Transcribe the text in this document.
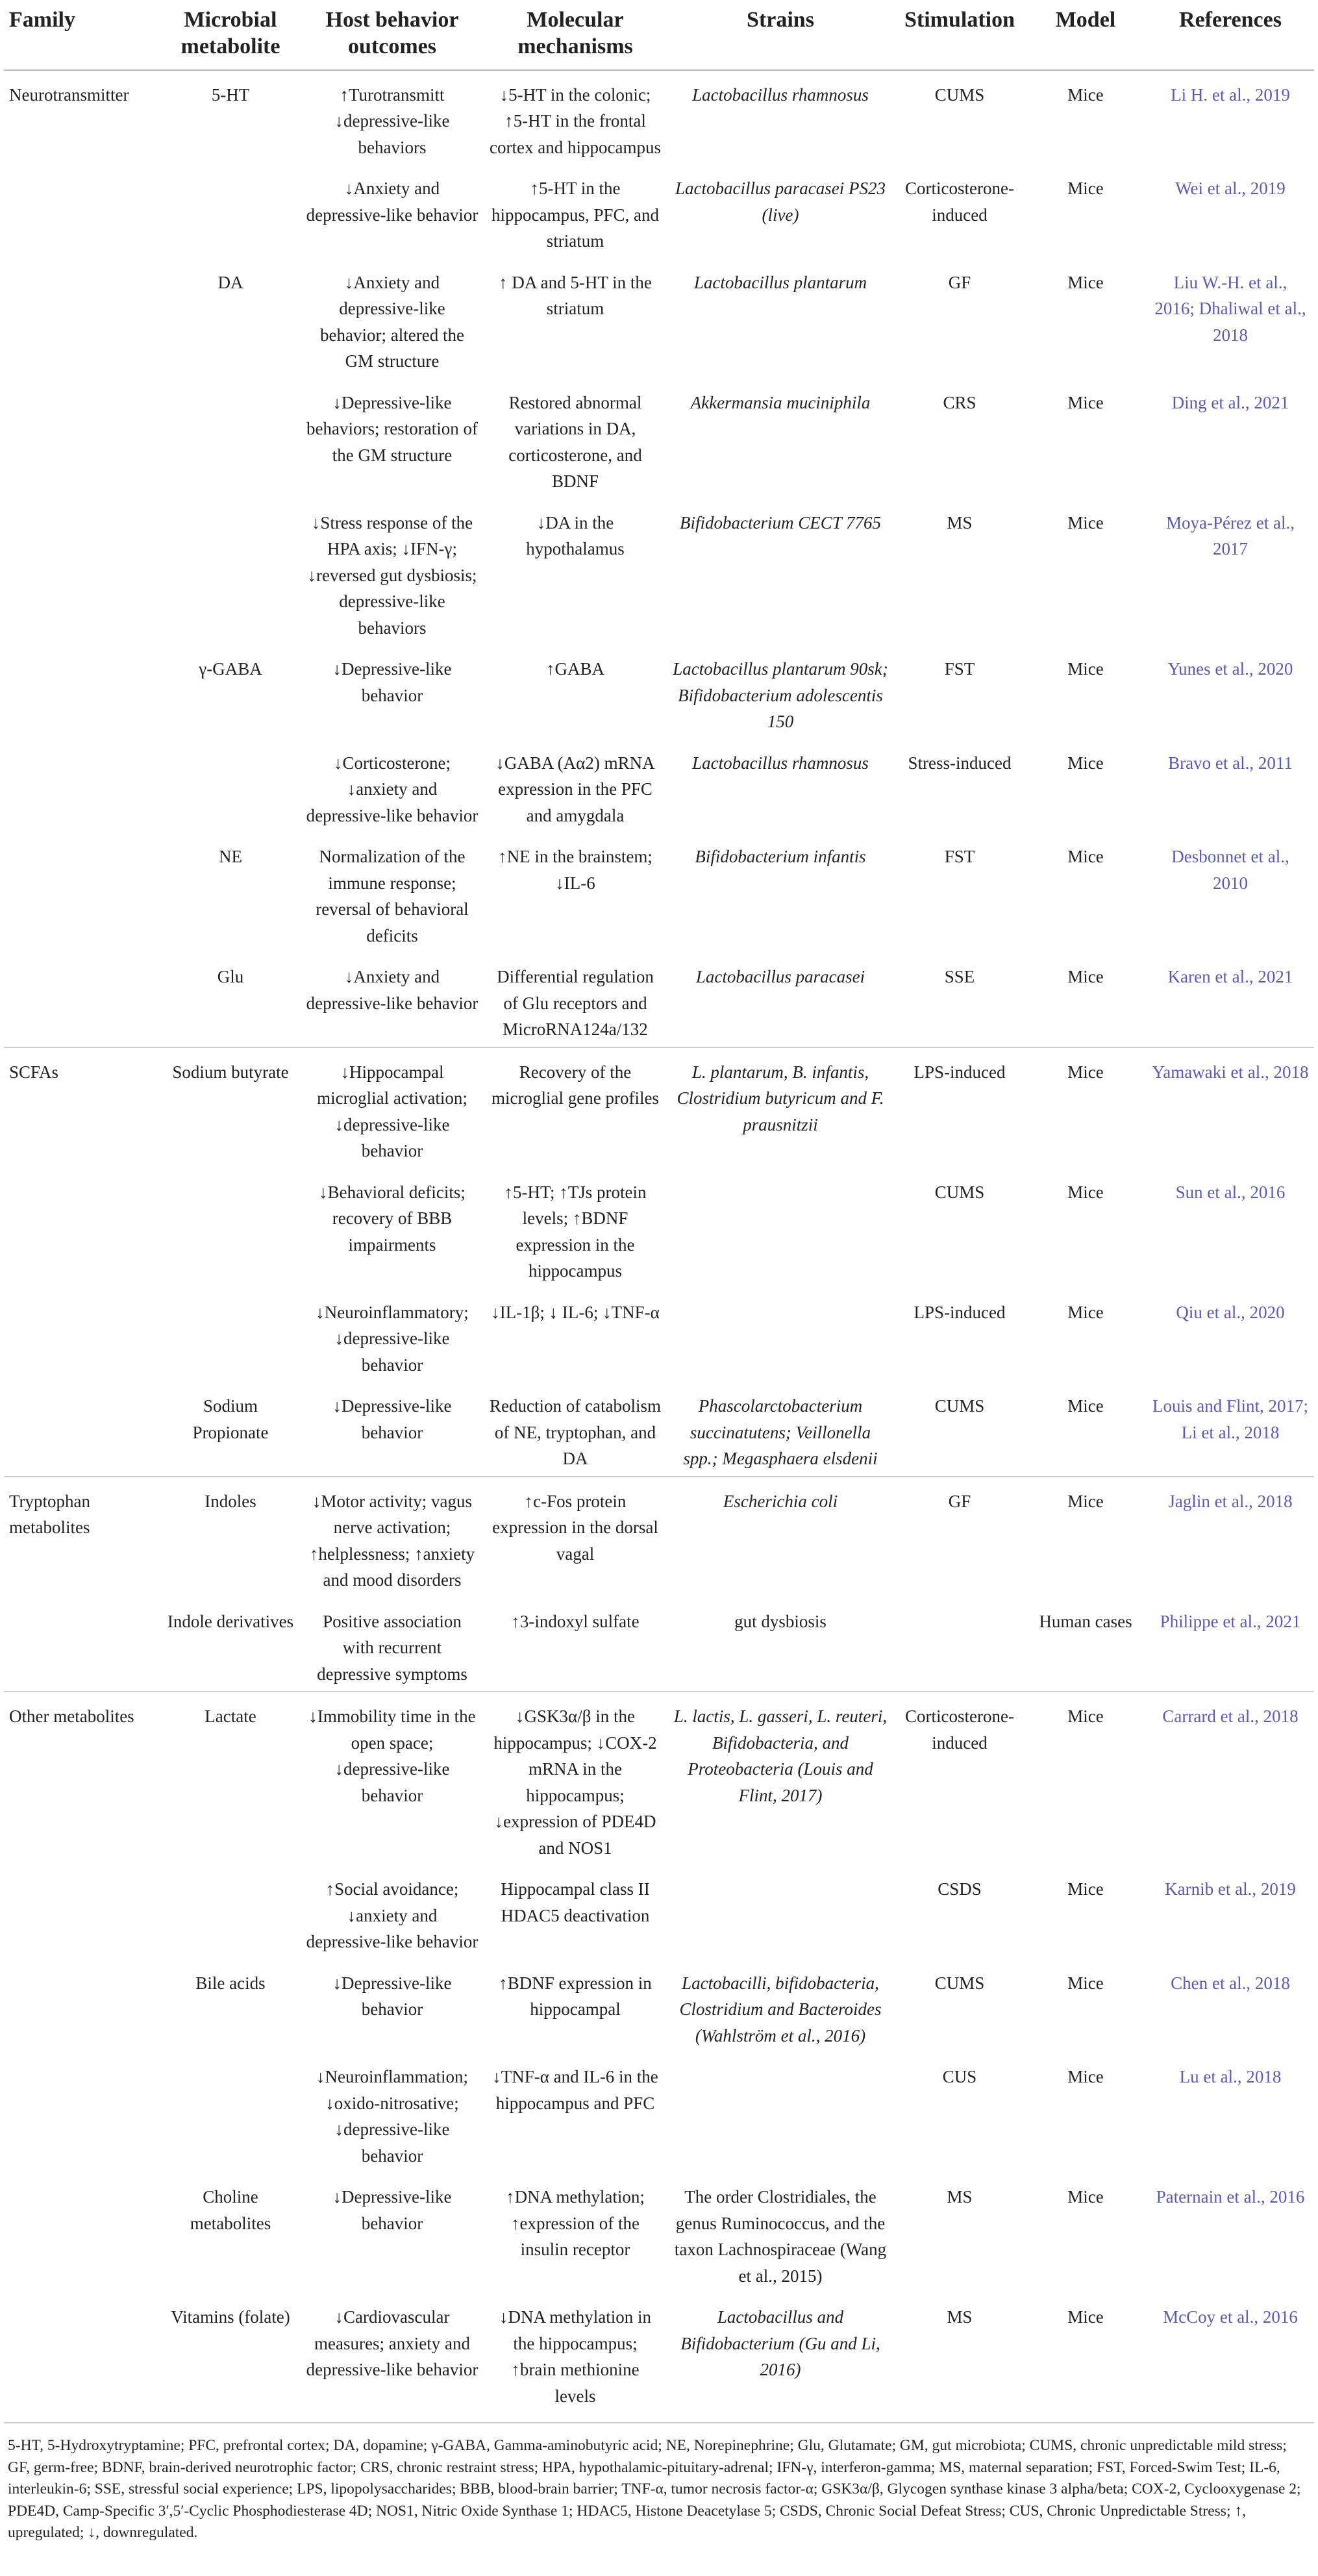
Family	Microbial metabolite	Host behavior outcomes	Molecular mechanisms	Strains	Stimulation	Model	References
Neurotransmitter	5-HT	↑Turotransmitt ↓depressive-like behaviors	↓5-HT in the colonic; ↑5-HT in the frontal cortex and hippocampus	Lactobacillus rhamnosus	CUMS	Mice	Li H. et al., 2019
		↓Anxiety and depressive-like behavior	↑5-HT in the hippocampus, PFC, and striatum	Lactobacillus paracasei PS23 (live)	Corticosterone-induced	Mice	Wei et al., 2019
	DA	↓Anxiety and depressive-like behavior; altered the GM structure	↑ DA and 5-HT in the striatum	Lactobacillus plantarum	GF	Mice	Liu W.-H. et al., 2016; Dhaliwal et al., 2018
		↓Depressive-like behaviors; restoration of the GM structure	Restored abnormal variations in DA, corticosterone, and BDNF	Akkermansia muciniphila	CRS	Mice	Ding et al., 2021
		↓Stress response of the HPA axis; ↓IFN-γ; ↓reversed gut dysbiosis; depressive-like behaviors	↓DA in the hypothalamus	Bifidobacterium CECT 7765	MS	Mice	Moya-Pérez et al., 2017
	γ-GABA	↓Depressive-like behavior	↑GABA	Lactobacillus plantarum 90sk; Bifidobacterium adolescentis 150	FST	Mice	Yunes et al., 2020
		↓Corticosterone; ↓anxiety and depressive-like behavior	↓GABA (Aα2) mRNA expression in the PFC and amygdala	Lactobacillus rhamnosus	Stress-induced	Mice	Bravo et al., 2011
	NE	Normalization of the immune response; reversal of behavioral deficits	↑NE in the brainstem; ↓IL-6	Bifidobacterium infantis	FST	Mice	Desbonnet et al., 2010
	Glu	↓Anxiety and depressive-like behavior	Differential regulation of Glu receptors and MicroRNA124a/132	Lactobacillus paracasei	SSE	Mice	Karen et al., 2021
SCFAs	Sodium butyrate	↓Hippocampal microglial activation; ↓depressive-like behavior	Recovery of the microglial gene profiles	L. plantarum, B. infantis, Clostridium butyricum and F. prausnitzii	LPS-induced	Mice	Yamawaki et al., 2018
		↓Behavioral deficits; recovery of BBB impairments	↑5-HT; ↑TJs protein levels; ↑BDNF expression in the hippocampus		CUMS	Mice	Sun et al., 2016
		↓Neuroinflammatory; ↓depressive-like behavior	↓IL-1β; ↓ IL-6; ↓TNF-α		LPS-induced	Mice	Qiu et al., 2020
	Sodium Propionate	↓Depressive-like behavior	Reduction of catabolism of NE, tryptophan, and DA	Phascolarctobacterium succinatutens; Veillonella spp.; Megasphaera elsdenii	CUMS	Mice	Louis and Flint, 2017; Li et al., 2018
Tryptophan metabolites	Indoles	↓Motor activity; vagus nerve activation; ↑helplessness; ↑anxiety and mood disorders	↑c-Fos protein expression in the dorsal vagal	Escherichia coli	GF	Mice	Jaglin et al., 2018
	Indole derivatives	Positive association with recurrent depressive symptoms	↑3-indoxyl sulfate	gut dysbiosis		Human cases	Philippe et al., 2021
Other metabolites	Lactate	↓Immobility time in the open space; ↓depressive-like behavior	↓GSK3α/β in the hippocampus; ↓COX-2 mRNA in the hippocampus; ↓expression of PDE4D and NOS1	L. lactis, L. gasseri, L. reuteri, Bifidobacteria, and Proteobacteria (Louis and Flint, 2017)	Corticosterone-induced	Mice	Carrard et al., 2018
		↑Social avoidance; ↓anxiety and depressive-like behavior	Hippocampal class II HDAC5 deactivation		CSDS	Mice	Karnib et al., 2019
	Bile acids	↓Depressive-like behavior	↑BDNF expression in hippocampal	Lactobacilli, bifidobacteria, Clostridium and Bacteroides (Wahlström et al., 2016)	CUMS	Mice	Chen et al., 2018
		↓Neuroinflammation; ↓oxido-nitrosative; ↓depressive-like behavior	↓TNF-α and IL-6 in the hippocampus and PFC		CUS	Mice	Lu et al., 2018
	Choline metabolites	↓Depressive-like behavior	↑DNA methylation; ↑expression of the insulin receptor	The order Clostridiales, the genus Ruminococcus, and the taxon Lachnospiraceae (Wang et al., 2015)	MS	Mice	Paternain et al., 2016
	Vitamins (folate)	↓Cardiovascular measures; anxiety and depressive-like behavior	↓DNA methylation in the hippocampus; ↑brain methionine levels	Lactobacillus and Bifidobacterium (Gu and Li, 2016)	MS	Mice	McCoy et al., 2016
5-HT, 5-Hydroxytryptamine; PFC, prefrontal cortex; DA, dopamine; γ-GABA, Gamma-aminobutyric acid; NE, Norepinephrine; Glu, Glutamate; GM, gut microbiota; CUMS, chronic unpredictable mild stress; GF, germ-free; BDNF, brain-derived neurotrophic factor; CRS, chronic restraint stress; HPA, hypothalamic-pituitary-adrenal; IFN-γ, interferon-gamma; MS, maternal separation; FST, Forced-Swim Test; IL-6, interleukin-6; SSE, stressful social experience; LPS, lipopolysaccharides; BBB, blood-brain barrier; TNF-α, tumor necrosis factor-α; GSK3α/β, Glycogen synthase kinase 3 alpha/beta; COX-2, Cyclooxygenase 2; PDE4D, Camp-Specific 3′,5′-Cyclic Phosphodiesterase 4D; NOS1, Nitric Oxide Synthase 1; HDAC5, Histone Deacetylase 5; CSDS, Chronic Social Defeat Stress; CUS, Chronic Unpredictable Stress; ↑, upregulated; ↓, downregulated.
